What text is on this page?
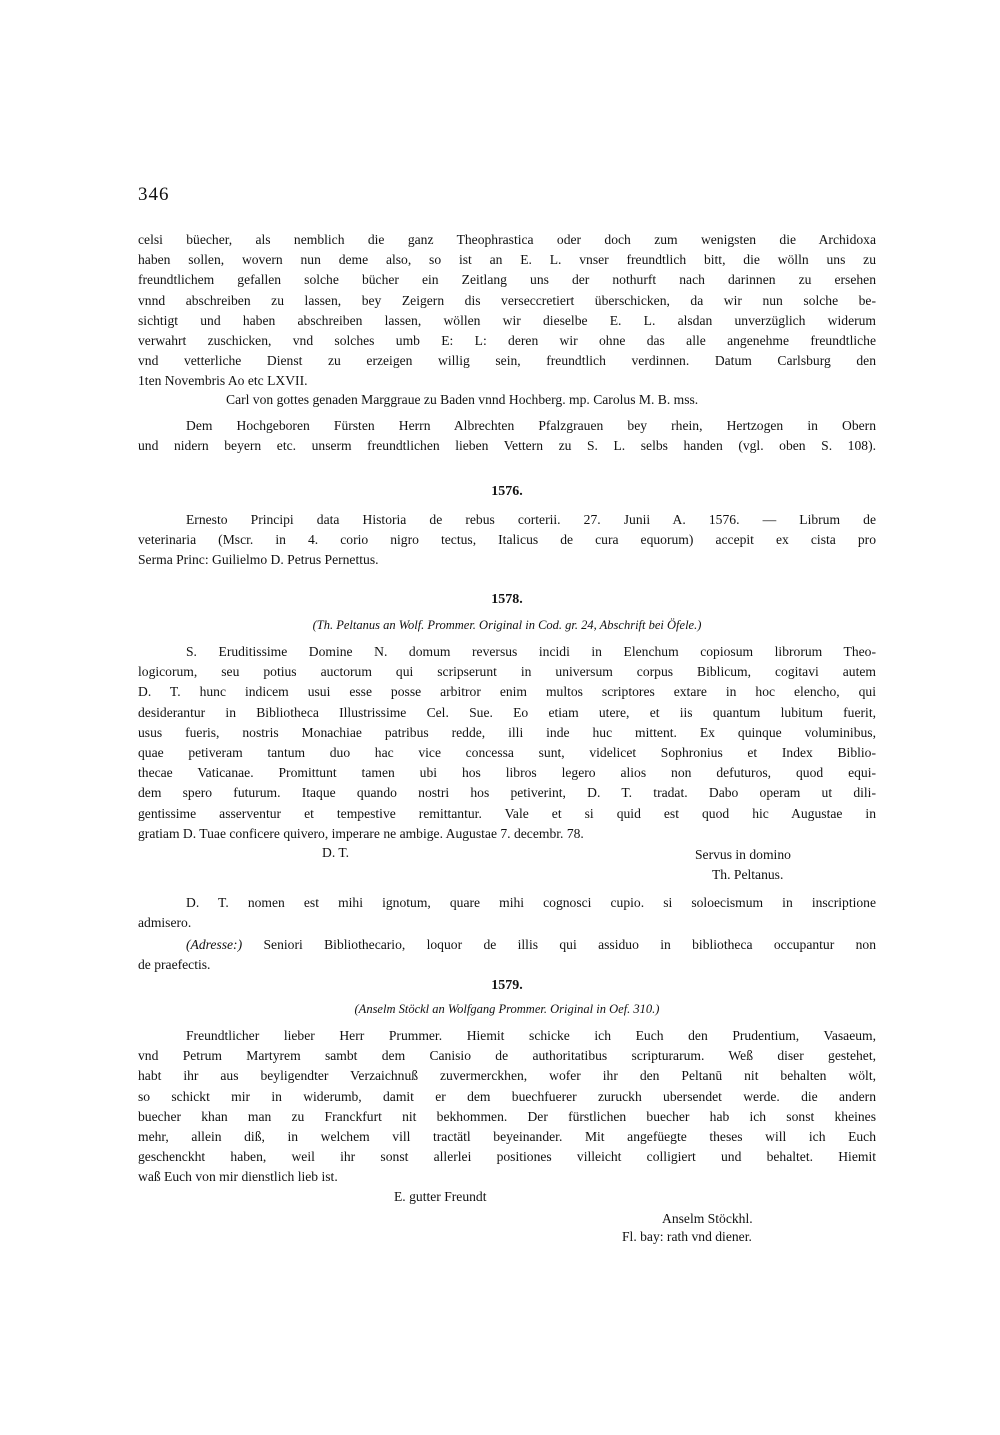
346
celsi büecher, als nemblich die ganz Theophrastica oder doch zum wenigsten die Archidoxa
haben sollen, wovern nun deme also, so ist an E. L. vnser freundtlich bitt, die wölln uns zu
freundtlichem gefallen solche bücher ein Zeitlang uns der nothurft nach darinnen zu ersehen
vnnd abschreiben zu lassen, bey Zeigern dis verseccretiert überschicken, da wir nun solche be-
sichtigt und haben abschreiben lassen, wöllen wir dieselbe E. L. alsdan unverzüglich widerum
verwahrt zuschicken, vnd solches umb E: L: deren wir ohne das alle angenehme freundtliche
vnd vetterliche Dienst zu erzeigen willig sein, freundtlich verdinnen. Datum Carlsburg den
1ten Novembris Ao etc LXVII.
Carl von gottes genaden Marggraue zu Baden vnnd Hochberg. mp. Carolus M. B. mss.
Dem Hochgeboren Fürsten Herrn Albrechten Pfalzgrauen bey rhein, Hertzogen in Obern
und nidern beyern etc. unserm freundtlichen lieben Vettern zu S. L. selbs handen (vgl. oben S. 108).
1576.
Ernesto Principi data Historia de rebus corterii. 27. Junii A. 1576. — Librum de
veterinaria (Mscr. in 4. corio nigro tectus, Italicus de cura equorum) accepit ex cista pro
Serma Princ: Guilielmo D. Petrus Pernettus.
1578.
(Th. Peltanus an Wolf. Prommer. Original in Cod. gr. 24, Abschrift bei Öfele.)
S. Eruditissime Domine N. domum reversus incidi in Elenchum copiosum librorum Theo-
logicorum, seu potius auctorum qui scripserunt in universum corpus Biblicum, cogitavi autem
D. T. hunc indicem usui esse posse arbitror enim multos scriptores extare in hoc elencho, qui
desiderantur in Bibliotheca Illustrissime Cel. Sue. Eo etiam utere, et iis quantum lubitum fuerit,
usus fueris, nostris Monachiae patribus redde, illi inde huc mittent. Ex quinque voluminibus,
quae petiveram tantum duo hac vice concessa sunt, videlicet Sophronius et Index Biblio-
thecae Vaticanae. Promittunt tamen ubi hos libros legero alios non defuturos, quod equi-
dem spero futurum. Itaque quando nostri hos petiverint, D. T. tradat. Dabo operam ut dili-
gentissime asserventur et tempestive remittantur. Vale et si quid est quod hic Augustae in
gratiam D. Tuae conficere quivero, imperare ne ambige. Augustae 7. decembr. 78.
D. T.	Servus in domino
Th. Peltanus.
D. T. nomen est mihi ignotum, quare mihi cognosci cupio. si soloecismum in inscriptione
admisero.
(Adresse:) Seniori Bibliothecario, loquor de illis qui assiduo in bibliotheca occupantur non
de praefectis.
1579.
(Anselm Stöckl an Wolfgang Prommer. Original in Oef. 310.)
Freundtlicher lieber Herr Prummer. Hiemit schicke ich Euch den Prudentium, Vasaeum,
vnd Petrum Martyrem sambt dem Canisio de authoritatibus scripturarum. Weß diser gestehet,
habt ihr aus beyligendter Verzaichnuß zuvermerckhen, wofer ihr den Peltanū nit behalten wölt,
so schickt mir in widerumb, damit er dem buechfuerer zuruckh ubersendet werde. die andern
buecher khan man zu Franckfurt nit bekhommen. Der fürstlichen buecher hab ich sonst kheines
mehr, allein diß, in welchem vill tractätl beyeinander. Mit angefüegte theses will ich Euch
geschenckht haben, weil ihr sonst allerlei positiones villeicht colligiert und behaltet. Hiemit
waß Euch von mir dienstlich lieb ist.
E. gutter Freundt
Anselm Stöckhl.
Fl. bay: rath vnd diener.
